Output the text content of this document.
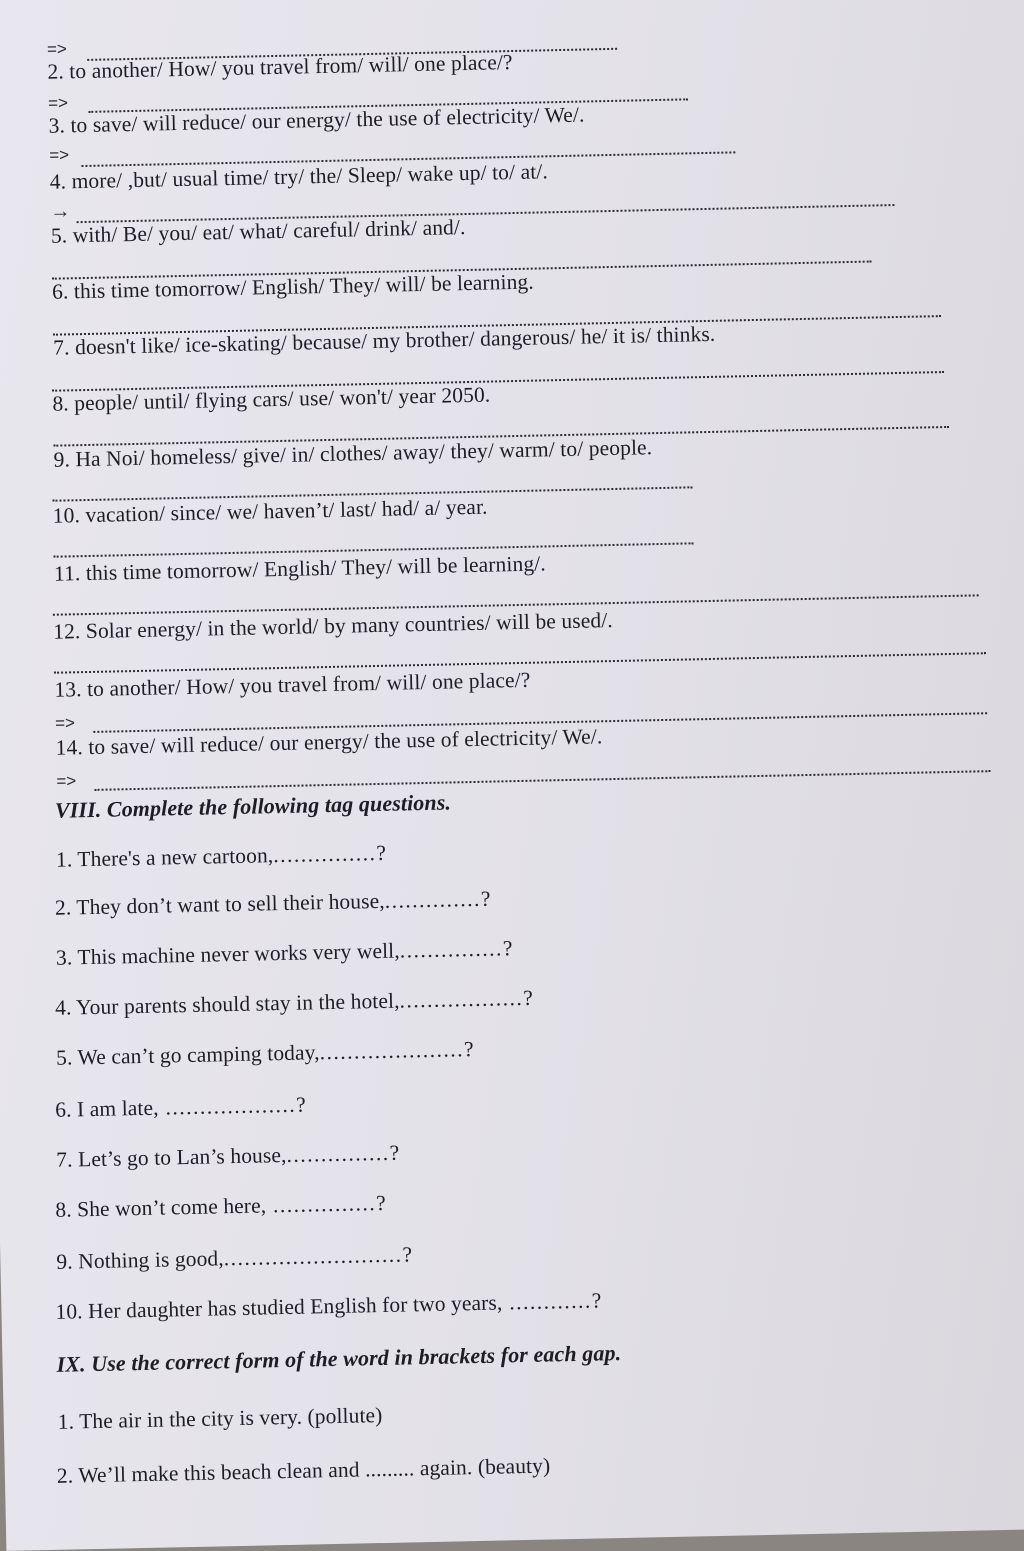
=>
2. to another/ How/ you travel from/ will/ one place/?
=>
3. to save/ will reduce/ our energy/ the use of electricity/ We/.
=>
4. more/ ,but/ usual time/ try/ the/ Sleep/ wake up/ to/ at/.
→
5. with/ Be/ you/ eat/ what/ careful/ drink/ and/.
6. this time tomorrow/ English/ They/ will/ be learning.
7. doesn't like/ ice-skating/ because/ my brother/ dangerous/ he/ it is/ thinks.
8. people/ until/ flying cars/ use/ won't/ year 2050.
9. Ha Noi/ homeless/ give/ in/ clothes/ away/ they/ warm/ to/ people.
10. vacation/ since/ we/ haven’t/ last/ had/ a/ year.
11. this time tomorrow/ English/ They/ will be learning/.
12. Solar energy/ in the world/ by many countries/ will be used/.
13. to another/ How/ you travel from/ will/ one place/?
=>
14. to save/ will reduce/ our energy/ the use of electricity/ We/.
=>
VIII. Complete the following tag questions.
1. There's a new cartoon,...............?
2. They don’t want to sell their house,..............?
3. This machine never works very well,...............?
4. Your parents should stay in the hotel,..................?
5. We can’t go camping today,.....................?
6. I am late, ...................?
7. Let’s go to Lan’s house,...............?
8. She won’t come here, ...............?
9. Nothing is good,..........................?
10. Her daughter has studied English for two years, ............?
IX. Use the correct form of the word in brackets for each gap.
1. The air in the city is very. (pollute)
2. We’ll make this beach clean and ......... again. (beauty)
